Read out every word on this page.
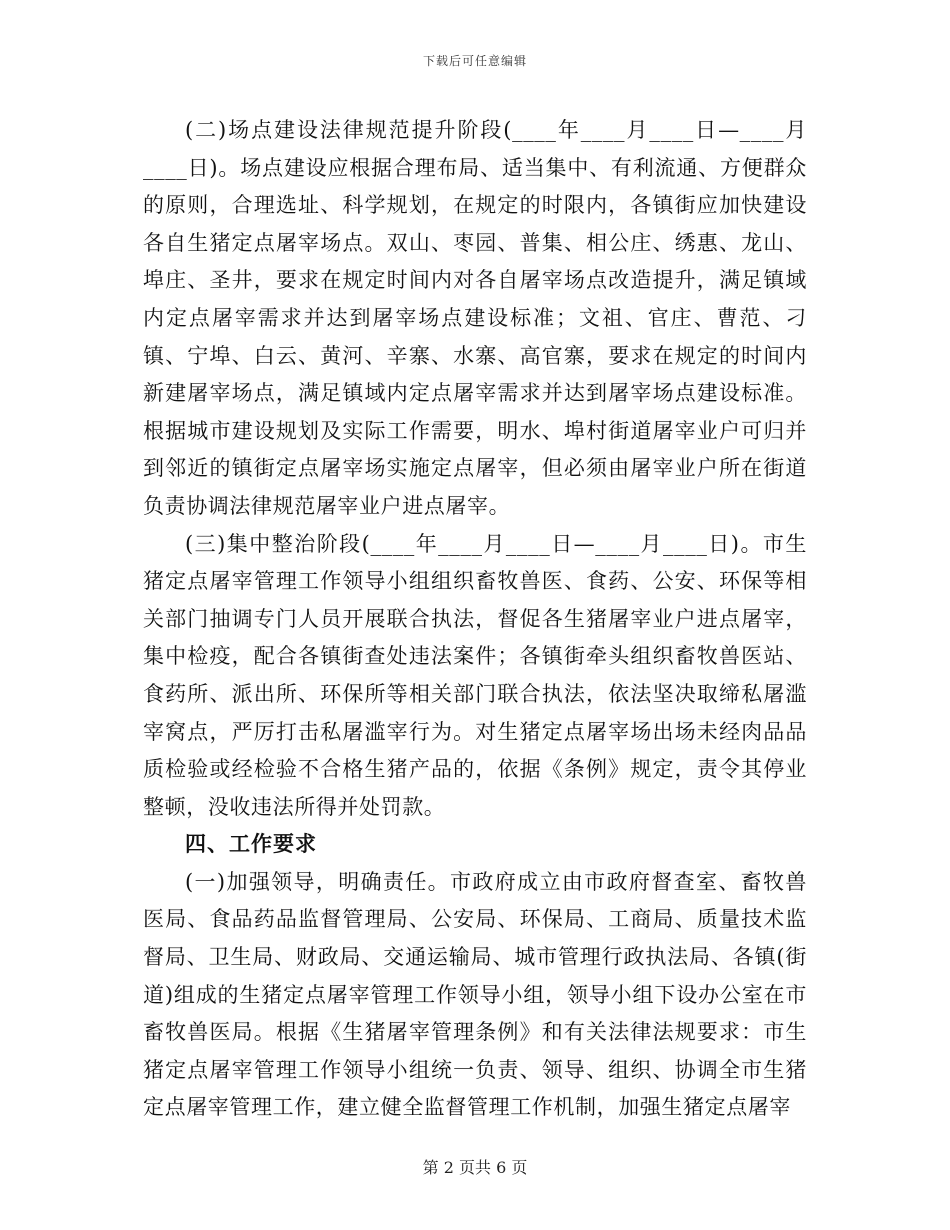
下载后可任意编辑

(二)场点建设法律规范提升阶段(____年____月____日—____月____日)。场点建设应根据合理布局、适当集中、有利流通、方便群众的原则，合理选址、科学规划，在规定的时限内，各镇街应加快建设各自生猪定点屠宰场点。双山、枣园、普集、相公庄、绣惠、龙山、埠庄、圣井，要求在规定时间内对各自屠宰场点改造提升，满足镇域内定点屠宰需求并达到屠宰场点建设标准；文祖、官庄、曹范、刁镇、宁埠、白云、黄河、辛寨、水寨、高官寨，要求在规定的时间内新建屠宰场点，满足镇域内定点屠宰需求并达到屠宰场点建设标准。根据城市建设规划及实际工作需要，明水、埠村街道屠宰业户可归并到邻近的镇街定点屠宰场实施定点屠宰，但必须由屠宰业户所在街道负责协调法律规范屠宰业户进点屠宰。

(三)集中整治阶段(____年____月____日—____月____日)。市生猪定点屠宰管理工作领导小组组织畜牧兽医、食药、公安、环保等相关部门抽调专门人员开展联合执法，督促各生猪屠宰业户进点屠宰，集中检疫，配合各镇街查处违法案件；各镇街牵头组织畜牧兽医站、食药所、派出所、环保所等相关部门联合执法，依法坚决取缔私屠滥宰窝点，严厉打击私屠滥宰行为。对生猪定点屠宰场出场未经肉品品质检验或经检验不合格生猪产品的，依据《条例》规定，责令其停业整顿，没收违法所得并处罚款。

四、工作要求

(一)加强领导，明确责任。市政府成立由市政府督查室、畜牧兽医局、食品药品监督管理局、公安局、环保局、工商局、质量技术监督局、卫生局、财政局、交通运输局、城市管理行政执法局、各镇(街道)组成的生猪定点屠宰管理工作领导小组，领导小组下设办公室在市畜牧兽医局。根据《生猪屠宰管理条例》和有关法律法规要求：市生猪定点屠宰管理工作领导小组统一负责、领导、组织、协调全市生猪定点屠宰管理工作，建立健全监督管理工作机制，加强生猪定点屠宰

第 2 页共 6 页
